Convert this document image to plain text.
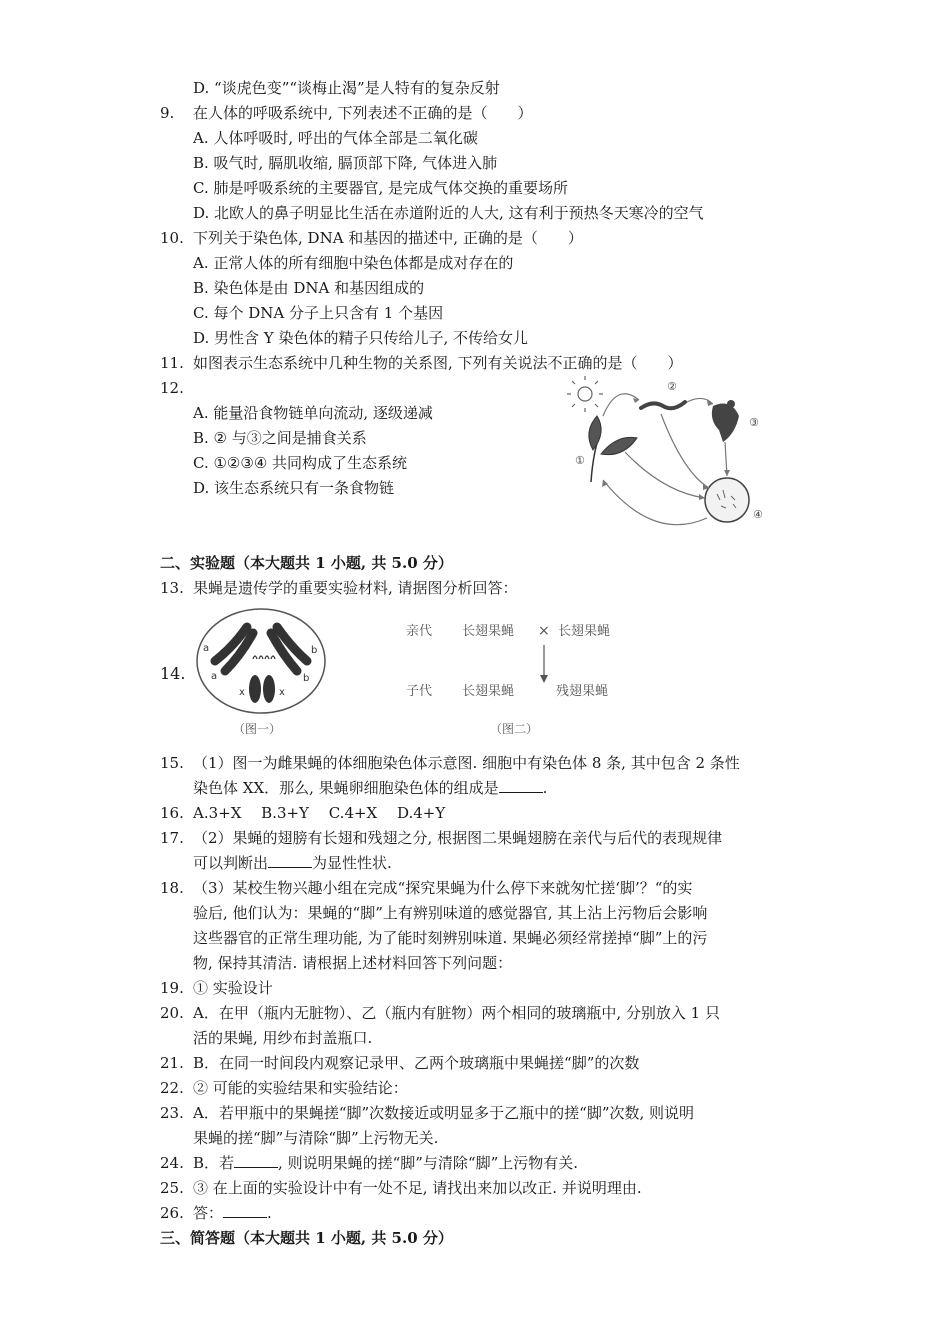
D. “谈虎色变”“谈梅止渴”是人特有的复杂反射
9.	在人体的呼吸系统中, 下列表述不正确的是（　　）
A. 人体呼吸时, 呼出的气体全部是二氧化碳
B. 吸气时, 膈肌收缩, 膈顶部下降, 气体进入肺
C. 肺是呼吸系统的主要器官, 是完成气体交换的重要场所
D. 北欧人的鼻子明显比生活在赤道附近的人大, 这有利于预热冬天寒冷的空气
10. 下列关于染色体, DNA 和基因的描述中, 正确的是（　　）
A. 正常人体的所有细胞中染色体都是成对存在的
B. 染色体是由 DNA 和基因组成的
C. 每个 DNA 分子上只含有 1 个基因
D. 男性含 Y 染色体的精子只传给儿子, 不传给女儿
11. 如图表示生态系统中几种生物的关系图, 下列有关说法不正确的是（　　）
12.
A. 能量沿食物链单向流动, 逐级递减
B. ② 与③之间是捕食关系
C. ①②③④ 共同构成了生态系统
D. 该生态系统只有一条食物链
①
②
③
④
二、实验题（本大题共 1 小题, 共 5.0 分）
13. 果蝇是遗传学的重要实验材料, 请据图分析回答：
14.
a
a
b
b
x	x
（图一）
亲代 长翅果蝇 × 长翅果蝇
子代 长翅果蝇	残翅果蝇
（图二）
15. （1）图一为雌果蝇的体细胞染色体示意图. 细胞中有染色体 8 条, 其中包含 2 条性
染色体 XX．那么, 果蝇卵细胞染色体的组成是	.
16. A.3+X　 B.3+Y　 C.4+X　 D.4+Y
17. （2）果蝇的翅膀有长翅和残翅之分, 根据图二果蝇翅膀在亲代与后代的表现规律
可以判断出	为显性性状.
18. （3）某校生物兴趣小组在完成“探究果蝇为什么停下来就匆忙搓‘脚’？“的实
验后, 他们认为：果蝇的“脚”上有辨别味道的感觉器官, 其上沾上污物后会影响
这些器官的正常生理功能, 为了能时刻辨别味道. 果蝇必须经常搓掉“脚”上的污
物, 保持其清洁. 请根据上述材料回答下列问题：
19. ① 实验设计
20. A．在甲（瓶内无脏物）、乙（瓶内有脏物）两个相同的玻璃瓶中, 分别放入 1 只
活的果蝇, 用纱布封盖瓶口.
21. B．在同一时间段内观察记录甲、乙两个玻璃瓶中果蝇搓“脚”的次数
22. ② 可能的实验结果和实验结论：
23. A．若甲瓶中的果蝇搓“脚”次数接近或明显多于乙瓶中的搓“脚”次数, 则说明
果蝇的搓“脚”与清除“脚”上污物无关.
24. B．若	, 则说明果蝇的搓“脚”与清除“脚”上污物有关.
25. ③ 在上面的实验设计中有一处不足, 请找出来加以改正. 并说明理由.
26. 答：	.
三、简答题（本大题共 1 小题, 共 5.0 分）
